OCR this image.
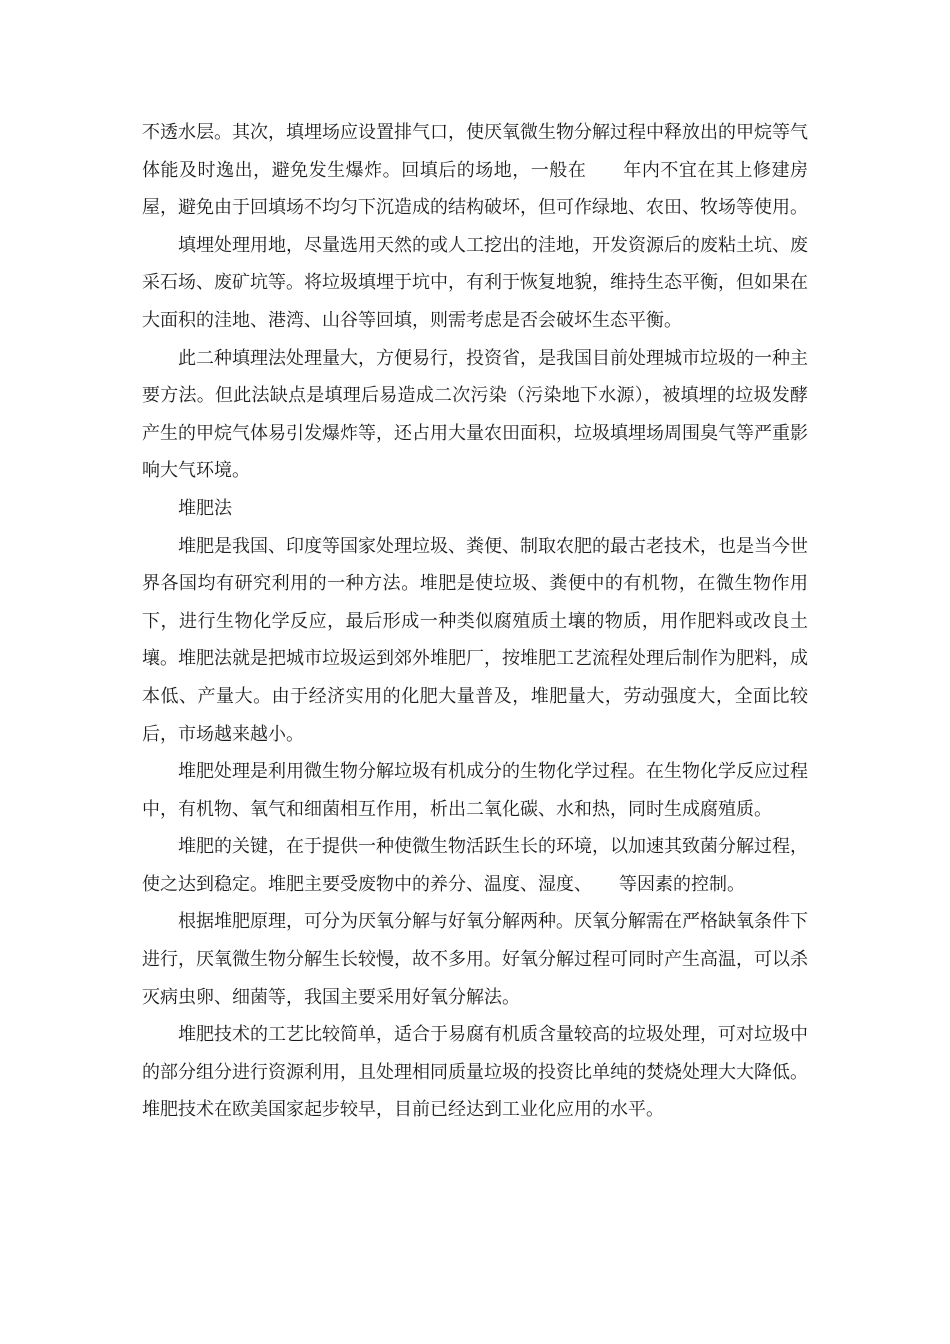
不透水层。其次，填埋场应设置排气口，使厌氧微生物分解过程中释放出的甲烷等气体能及时逸出，避免发生爆炸。回填后的场地，一般在　　年内不宜在其上修建房屋，避免由于回填场不均匀下沉造成的结构破坏，但可作绿地、农田、牧场等使用。

填埋处理用地，尽量选用天然的或人工挖出的洼地，开发资源后的废粘土坑、废采石场、废矿坑等。将垃圾填埋于坑中，有利于恢复地貌，维持生态平衡，但如果在大面积的洼地、港湾、山谷等回填，则需考虑是否会破坏生态平衡。

此二种填理法处理量大，方便易行，投资省，是我国目前处理城市垃圾的一种主要方法。但此法缺点是填理后易造成二次污染（污染地下水源），被填埋的垃圾发酵产生的甲烷气体易引发爆炸等，还占用大量农田面积，垃圾填埋场周围臭气等严重影响大气环境。

堆肥法

堆肥是我国、印度等国家处理垃圾、粪便、制取农肥的最古老技术，也是当今世界各国均有研究利用的一种方法。堆肥是使垃圾、粪便中的有机物，在微生物作用下，进行生物化学反应，最后形成一种类似腐殖质土壤的物质，用作肥料或改良土壤。堆肥法就是把城市垃圾运到郊外堆肥厂，按堆肥工艺流程处理后制作为肥料，成本低、产量大。由于经济实用的化肥大量普及，堆肥量大，劳动强度大，全面比较后，市场越来越小。

堆肥处理是利用微生物分解垃圾有机成分的生物化学过程。在生物化学反应过程中，有机物、氧气和细菌相互作用，析出二氧化碳、水和热，同时生成腐殖质。

堆肥的关键，在于提供一种使微生物活跃生长的环境，以加速其致菌分解过程，使之达到稳定。堆肥主要受废物中的养分、温度、湿度、　　等因素的控制。

根据堆肥原理，可分为厌氧分解与好氧分解两种。厌氧分解需在严格缺氧条件下进行，厌氧微生物分解生长较慢，故不多用。好氧分解过程可同时产生高温，可以杀灭病虫卵、细菌等，我国主要采用好氧分解法。

堆肥技术的工艺比较简单，适合于易腐有机质含量较高的垃圾处理，可对垃圾中的部分组分进行资源利用，且处理相同质量垃圾的投资比单纯的焚烧处理大大降低。堆肥技术在欧美国家起步较早，目前已经达到工业化应用的水平。
